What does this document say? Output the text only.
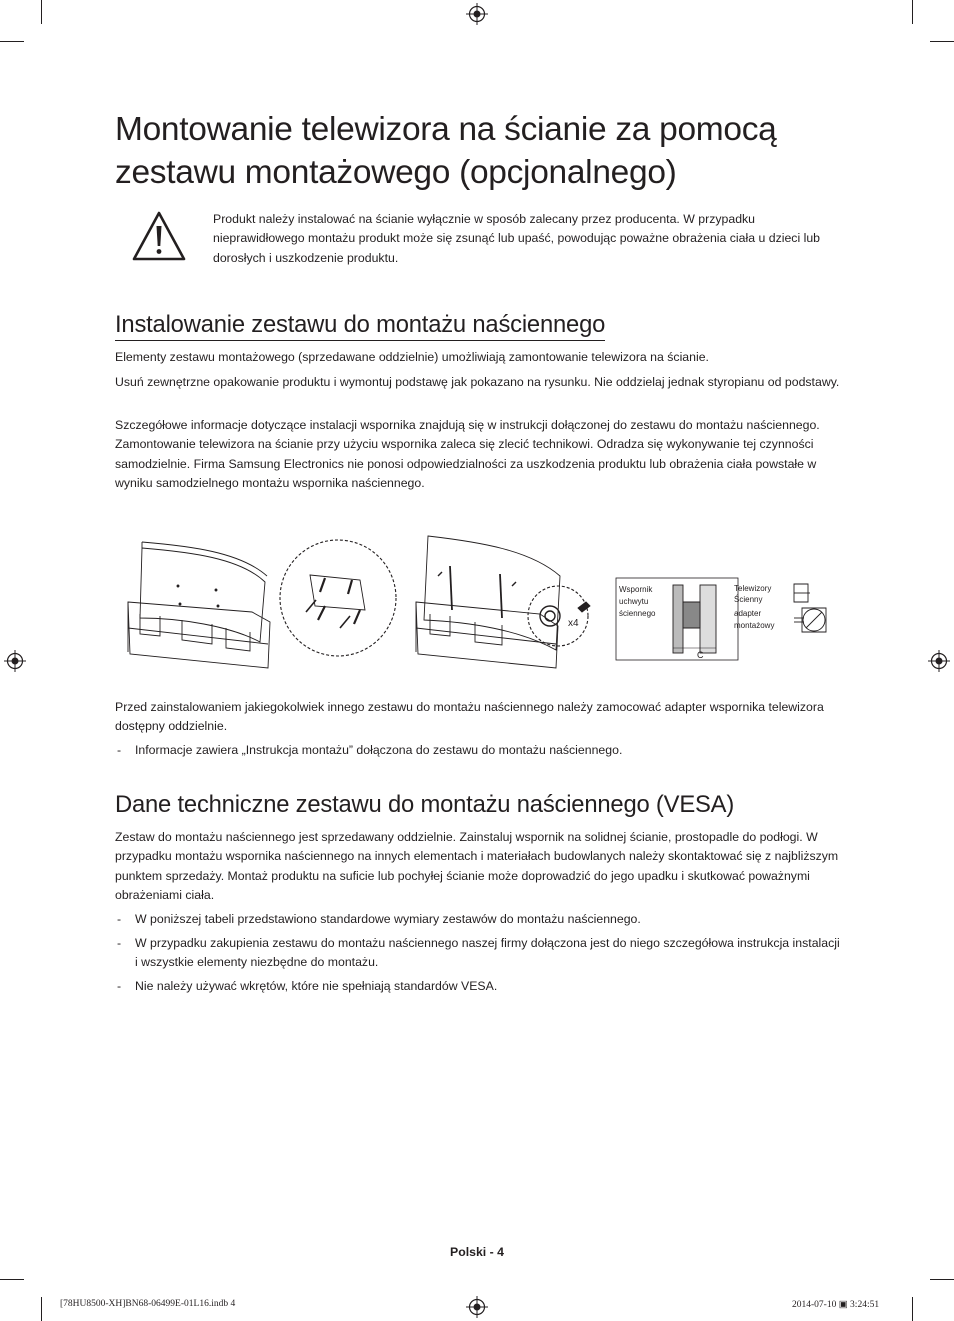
Montowanie telewizora na ścianie za pomocą
zestawu montażowego (opcjonalnego)

Produkt należy instalować na ścianie wyłącznie w sposób zalecany przez producenta. W przypadku nieprawidłowego montażu produkt może się zsunąć lub upaść, powodując poważne obrażenia ciała u dzieci lub dorosłych i uszkodzenie produktu.

Instalowanie zestawu do montażu naściennego

Elementy zestawu montażowego (sprzedawane oddzielnie) umożliwiają zamontowanie telewizora na ścianie.

Usuń zewnętrzne opakowanie produktu i wymontuj podstawę jak pokazano na rysunku. Nie oddzielaj jednak styropianu od podstawy.

Szczegółowe informacje dotyczące instalacji wspornika znajdują się w instrukcji dołączonej do zestawu do montażu naściennego. Zamontowanie telewizora na ścianie przy użyciu wspornika zaleca się zlecić technikowi. Odradza się wykonywanie tej czynności samodzielnie. Firma Samsung Electronics nie ponosi odpowiedzialności za uszkodzenia produktu lub obrażenia ciała powstałe w wyniku samodzielnego montażu wspornika naściennego.

x4
Wspornik
uchwytu
ściennego
Telewizory
Ścienny
adapter
montażowy
C

Przed zainstalowaniem jakiegokolwiek innego zestawu do montażu naściennego należy zamocować adapter wspornika telewizora dostępny oddzielnie.

- Informacje zawiera „Instrukcja montażu” dołączona do zestawu do montażu naściennego.
Dane techniczne zestawu do montażu naściennego (VESA)

Zestaw do montażu naściennego jest sprzedawany oddzielnie. Zainstaluj wspornik na solidnej ścianie, prostopadle do podłogi. W przypadku montażu wspornika naściennego na innych elementach i materiałach budowlanych należy skontaktować się z najbliższym punktem sprzedaży. Montaż produktu na suficie lub pochyłej ścianie może doprowadzić do jego upadku i skutkować poważnymi obrażeniami ciała.

- W poniższej tabeli przedstawiono standardowe wymiary zestawów do montażu naściennego.
- W przypadku zakupienia zestawu do montażu naściennego naszej firmy dołączona jest do niego szczegółowa instrukcja instalacji i wszystkie elementy niezbędne do montażu.
- Nie należy używać wkrętów, które nie spełniają standardów VESA.
Polski - 4
[78HU8500-XH]BN68-06499E-01L16.indb 4	2014-07-10 ▣ 3:24:51
